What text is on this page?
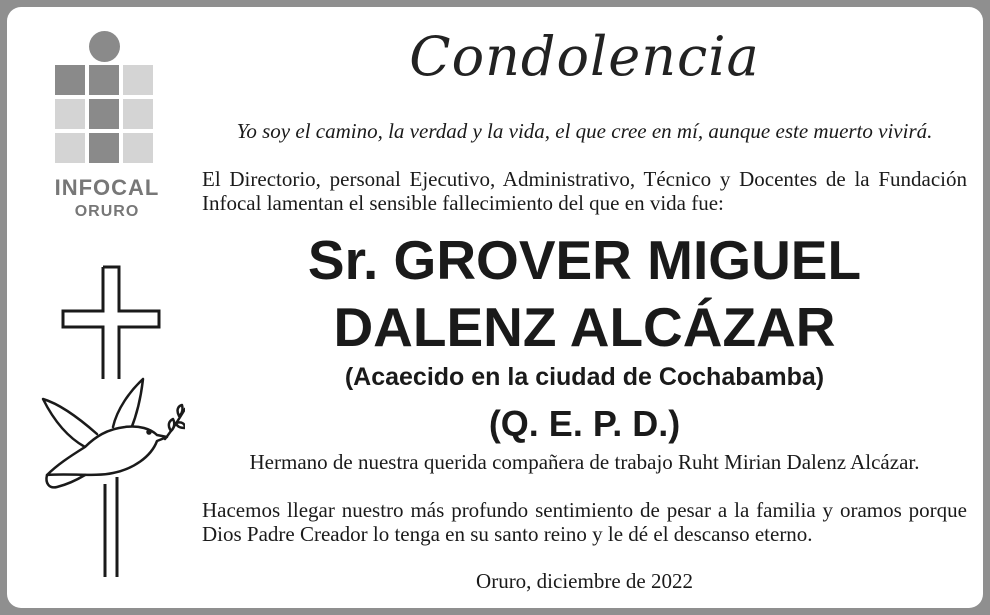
INFOCAL
ORURO
Condolencia
Yo soy el camino, la verdad y la vida, el que cree en mí, aunque este muerto vivirá.
El Directorio, personal Ejecutivo, Administrativo, Técnico y Docentes de la Fundación Infocal lamentan el sensible fallecimiento del que en vida fue:
Sr. GROVER MIGUEL
DALENZ ALCÁZAR
(Acaecido en la ciudad de Cochabamba)
(Q. E. P. D.)
Hermano de nuestra querida compañera de trabajo Ruht Mirian Dalenz Alcázar.
Hacemos llegar nuestro más profundo sentimiento de pesar a la familia y oramos porque Dios Padre Creador lo tenga en su santo reino y le dé el descanso eterno.
Oruro, diciembre de 2022
